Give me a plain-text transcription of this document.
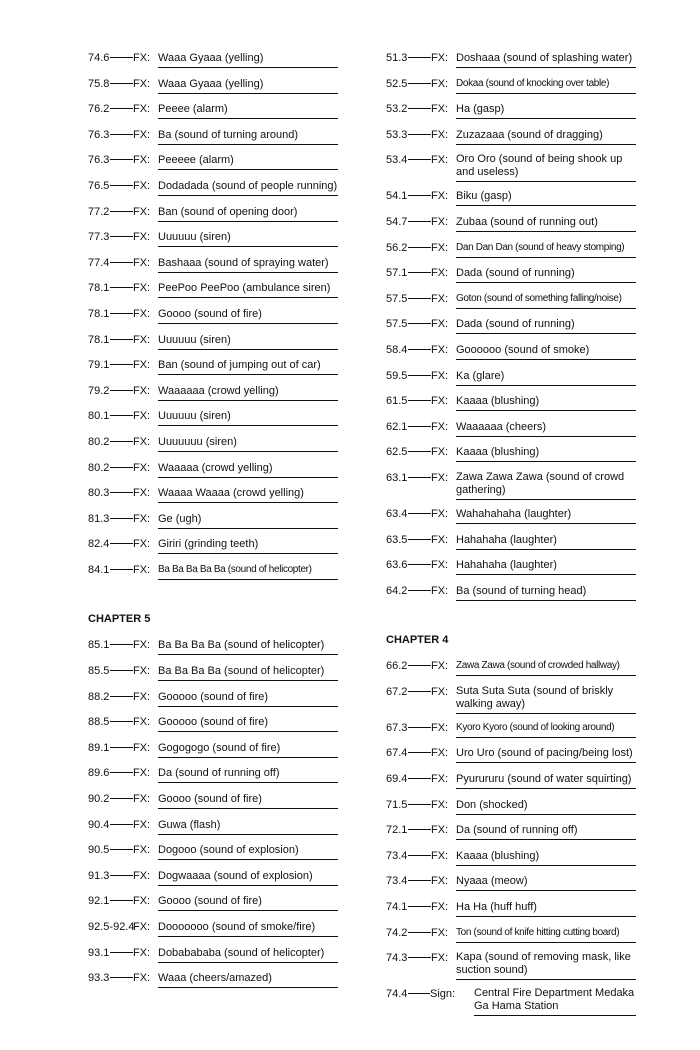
74.6 FX: Waaa Gyaaa (yelling)
75.8 FX: Waaa Gyaaa (yelling)
76.2 FX: Peeee (alarm)
76.3 FX: Ba (sound of turning around)
76.3 FX: Peeeee (alarm)
76.5 FX: Dodadada (sound of people running)
77.2 FX: Ban (sound of opening door)
77.3 FX: Uuuuuu (siren)
77.4 FX: Bashaaa (sound of spraying water)
78.1 FX: PeePoo PeePoo (ambulance siren)
78.1 FX: Goooo (sound of fire)
78.1 FX: Uuuuuu (siren)
79.1 FX: Ban (sound of jumping out of car)
79.2 FX: Waaaaaa (crowd yelling)
80.1 FX: Uuuuuu (siren)
80.2 FX: Uuuuuuu (siren)
80.2 FX: Waaaaa (crowd yelling)
80.3 FX: Waaaa Waaaa (crowd yelling)
81.3 FX: Ge (ugh)
82.4 FX: Giriri (grinding teeth)
84.1 FX: Ba Ba Ba Ba Ba (sound of helicopter)
CHAPTER 5
85.1 FX: Ba Ba Ba Ba (sound of helicopter)
85.5 FX: Ba Ba Ba Ba (sound of helicopter)
88.2 FX: Gooooo (sound of fire)
88.5 FX: Gooooo (sound of fire)
89.1 FX: Gogogogo (sound of fire)
89.6 FX: Da (sound of running off)
90.2 FX: Goooo (sound of fire)
90.4 FX: Guwa (flash)
90.5 FX: Dogooo (sound of explosion)
91.3 FX: Dogwaaaa (sound of explosion)
92.1 FX: Goooo (sound of fire)
92.5-92.4
FX: Dooooooo (sound of smoke/fire)
93.1 FX: Dobabababa (sound of helicopter)
93.3 FX: Waaa (cheers/amazed)
51.3 FX: Doshaaa (sound of splashing water)
52.5 FX: Dokaa (sound of knocking over table)
53.2 FX: Ha (gasp)
53.3 FX: Zuzazaaa (sound of dragging)
53.4 FX: Oro Oro (sound of being shook up and useless)
54.1 FX: Biku (gasp)
54.7 FX: Zubaa (sound of running out)
56.2 FX: Dan Dan Dan (sound of heavy stomping)
57.1 FX: Dada (sound of running)
57.5 FX: Goton (sound of something falling/noise)
57.5 FX: Dada (sound of running)
58.4 FX: Goooooo (sound of smoke)
59.5 FX: Ka (glare)
61.5 FX: Kaaaa (blushing)
62.1 FX: Waaaaaa (cheers)
62.5 FX: Kaaaa (blushing)
63.1 FX: Zawa Zawa Zawa (sound of crowd gathering)
63.4 FX: Wahahahaha (laughter)
63.5 FX: Hahahaha (laughter)
63.6 FX: Hahahaha (laughter)
64.2 FX: Ba (sound of turning head)
CHAPTER 4
66.2 FX: Zawa Zawa (sound of crowded hallway)
67.2 FX: Suta Suta Suta (sound of briskly walking away)
67.3 FX: Kyoro Kyoro (sound of looking around)
67.4 FX: Uro Uro (sound of pacing/being lost)
69.4 FX: Pyurururu (sound of water squirting)
71.5 FX: Don (shocked)
72.1 FX: Da (sound of running off)
73.4 FX: Kaaaa (blushing)
73.4 FX: Nyaaa (meow)
74.1 FX: Ha Ha (huff huff)
74.2 FX: Ton (sound of knife hitting cutting board)
74.3 FX: Kapa (sound of removing mask, like suction sound)
74.4 Sign: Central Fire Department Medaka Ga Hama Station
